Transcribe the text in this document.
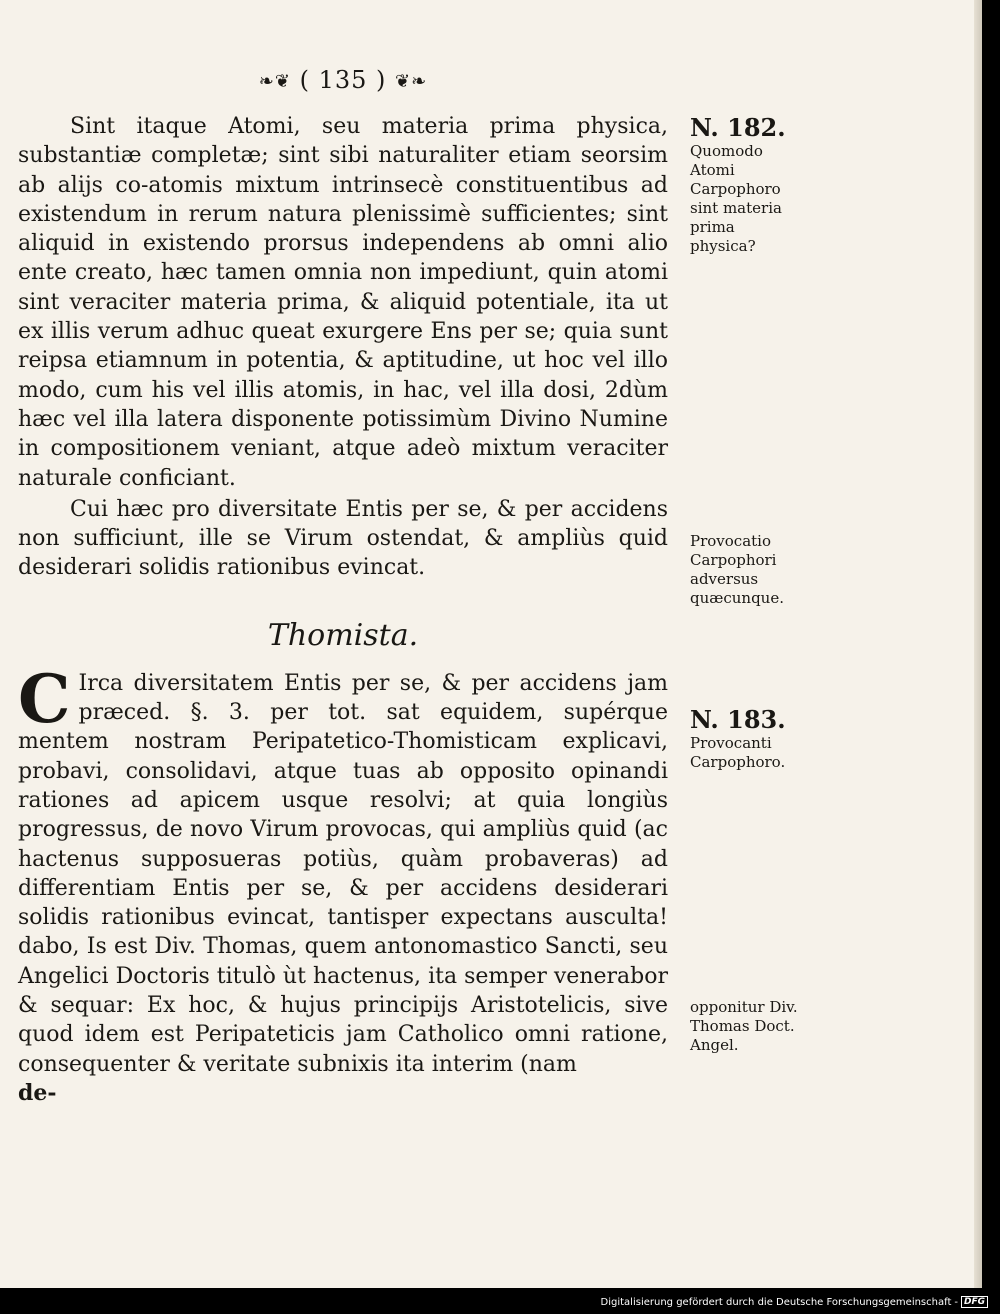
❧❦ ( 135 ) ❦❧

Sint itaque Atomi, seu materia prima physica, substantiæ completæ; sint sibi naturaliter etiam seorsim ab alijs co-atomis mixtum intrinsecè constituentibus ad existendum in rerum natura plenissimè sufficientes; sint aliquid in existendo prorsus independens ab omni alio ente creato, hæc tamen omnia non impediunt, quin atomi sint veraciter materia prima, & aliquid potentiale, ita ut ex illis verum adhuc queat exurgere Ens per se; quia sunt reipsa etiamnum in potentia, & aptitudine, ut hoc vel illo modo, cum his vel illis atomis, in hac, vel illa dosi, 2dùm hæc vel illa latera disponente potissimùm Divino Numine in compositionem veniant, atque adeò mixtum veraciter naturale conficiant.

Cui hæc pro diversitate Entis per se, & per accidens non sufficiunt, ille se Virum ostendat, & ampliùs quid desiderari solidis rationibus evincat.

Thomista.

C Irca diversitatem Entis per se, & per accidens jam præced. §. 3. per tot. sat equidem, supérque mentem nostram Peripatetico-Thomisticam explicavi, probavi, consolidavi, atque tuas ab opposito opinandi rationes ad apicem usque resolvi; at quia longiùs progressus, de novo Virum provocas, qui ampliùs quid (ac hactenus supposueras potiùs, quàm probaveras) ad differentiam Entis per se, & per accidens desiderari solidis rationibus evincat, tantisper expectans ausculta! dabo, Is est Div. Thomas, quem antonomastico Sancti, seu Angelici Doctoris titulò ùt hactenus, ita semper venerabor & sequar: Ex hoc, & hujus principijs Aristotelicis, sive quod idem est Peripateticis jam Catholico omni ratione, consequenter & veritate subnixis ita interim (nam

de-

N. 182.
Quomodo Atomi Carpophoro sint materia prima physica?
Provocatio Carpophori adversus quæcunque.
N. 183.
Provocanti Carpophoro.
opponitur Div. Thomas Doct. Angel.
Digitalisierung gefördert durch die Deutsche Forschungsgemeinschaft - DFG
